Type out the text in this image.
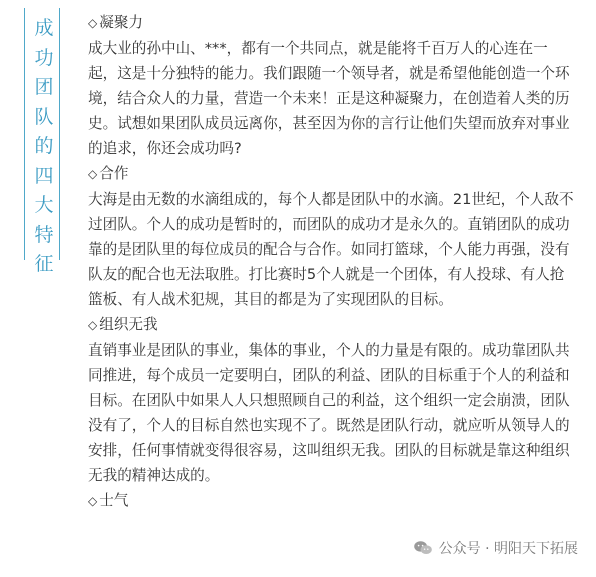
成功团队的四大特征

◇ 凝聚力

成大业的孙中山、***，都有一个共同点，就是能将千百万人的心连在一起，这是十分独特的能力。我们跟随一个领导者，就是希望他能创造一个环境，结合众人的力量，营造一个未来！正是这种凝聚力，在创造着人类的历史。试想如果团队成员远离你，甚至因为你的言行让他们失望而放弃对事业的追求，你还会成功吗?

◇ 合作

大海是由无数的水滴组成的，每个人都是团队中的水滴。21世纪，个人敌不过团队。个人的成功是暂时的，而团队的成功才是永久的。直销团队的成功靠的是团队里的每位成员的配合与合作。如同打篮球，个人能力再强，没有队友的配合也无法取胜。打比赛时5个人就是一个团体，有人投球、有人抢篮板、有人战术犯规，其目的都是为了实现团队的目标。

◇ 组织无我

直销事业是团队的事业，集体的事业，个人的力量是有限的。成功靠团队共同推进，每个成员一定要明白，团队的利益、团队的目标重于个人的利益和目标。在团队中如果人人只想照顾自己的利益，这个组织一定会崩溃，团队没有了，个人的目标自然也实现不了。既然是团队行动，就应听从领导人的安排，任何事情就变得很容易，这叫组织无我。团队的目标就是靠这种组织无我的精神达成的。

◇ 士气

公众号 · 明阳天下拓展
